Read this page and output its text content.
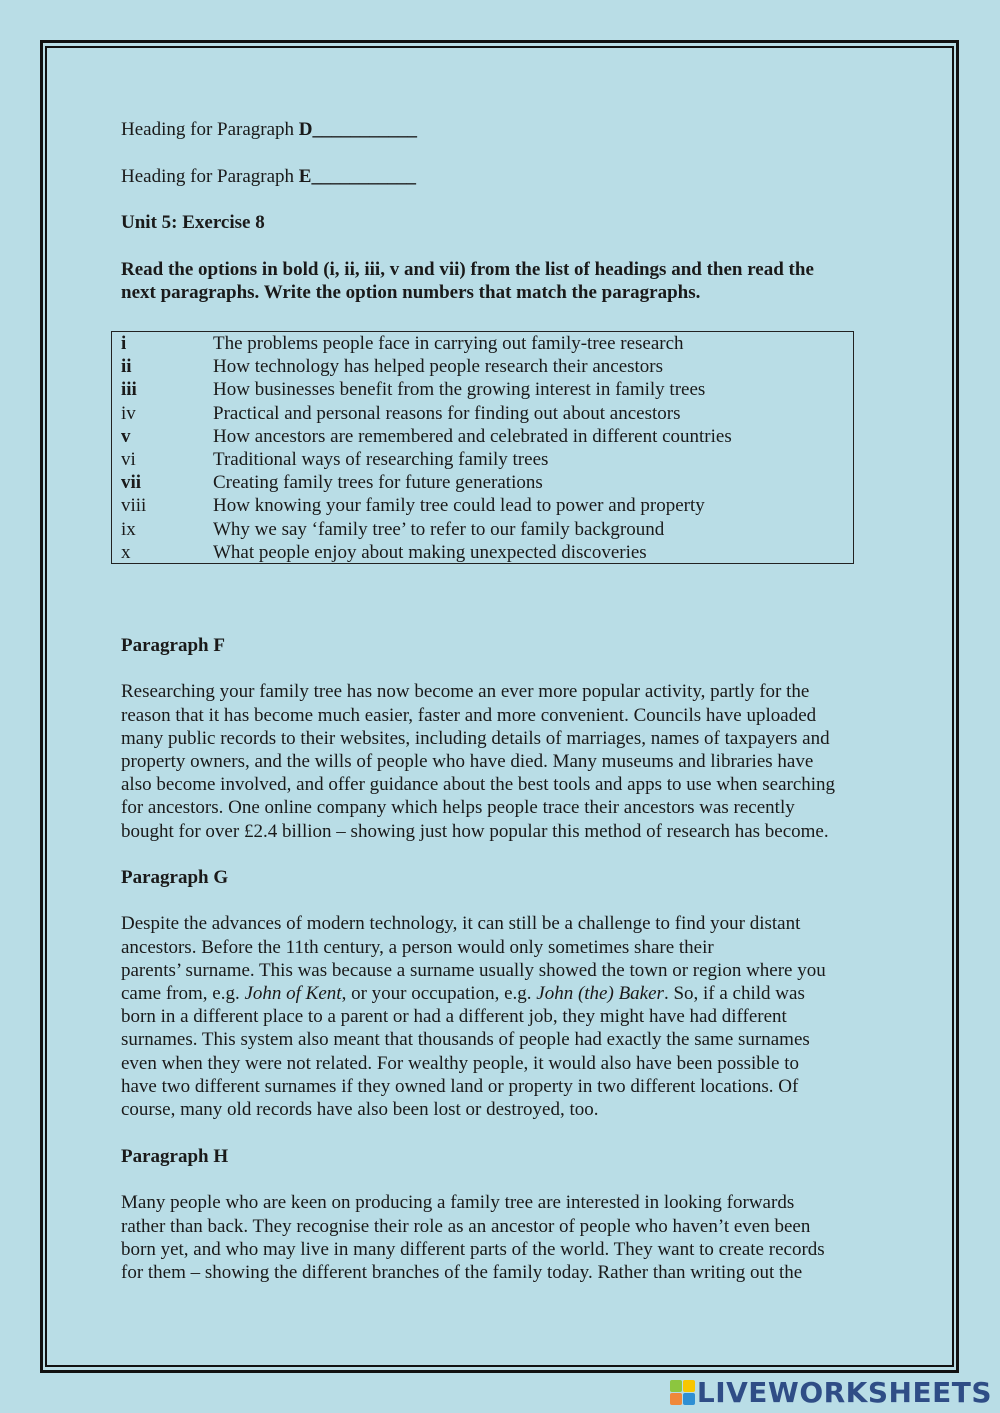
Heading for Paragraph D___________

Heading for Paragraph E___________

Unit 5: Exercise 8

Read the options in bold (i, ii, iii, v and vii) from the list of headings and then read the

next paragraphs. Write the option numbers that match the paragraphs.

i	The problems people face in carrying out family-tree research
ii	How technology has helped people research their ancestors
iii	How businesses benefit from the growing interest in family trees
iv	Practical and personal reasons for finding out about ancestors
v	How ancestors are remembered and celebrated in different countries
vi	Traditional ways of researching family trees
vii	Creating family trees for future generations
viii	How knowing your family tree could lead to power and property
ix	Why we say ‘family tree’ to refer to our family background
x	What people enjoy about making unexpected discoveries

Paragraph F

Researching your family tree has now become an ever more popular activity, partly for the

reason that it has become much easier, faster and more convenient. Councils have uploaded

many public records to their websites, including details of marriages, names of taxpayers and

property owners, and the wills of people who have died. Many museums and libraries have

also become involved, and offer guidance about the best tools and apps to use when searching

for ancestors. One online company which helps people trace their ancestors was recently

bought for over £2.4 billion – showing just how popular this method of research has become.

Paragraph G

Despite the advances of modern technology, it can still be a challenge to find your distant

ancestors. Before the 11th century, a person would only sometimes share their

parents’ surname. This was because a surname usually showed the town or region where you

came from, e.g. John of Kent, or your occupation, e.g. John (the) Baker. So, if a child was

born in a different place to a parent or had a different job, they might have had different

surnames. This system also meant that thousands of people had exactly the same surnames

even when they were not related. For wealthy people, it would also have been possible to

have two different surnames if they owned land or property in two different locations. Of

course, many old records have also been lost or destroyed, too.

Paragraph H

Many people who are keen on producing a family tree are interested in looking forwards

rather than back. They recognise their role as an ancestor of people who haven’t even been

born yet, and who may live in many different parts of the world. They want to create records

for them – showing the different branches of the family today. Rather than writing out the

LIVEWORKSHEETS
